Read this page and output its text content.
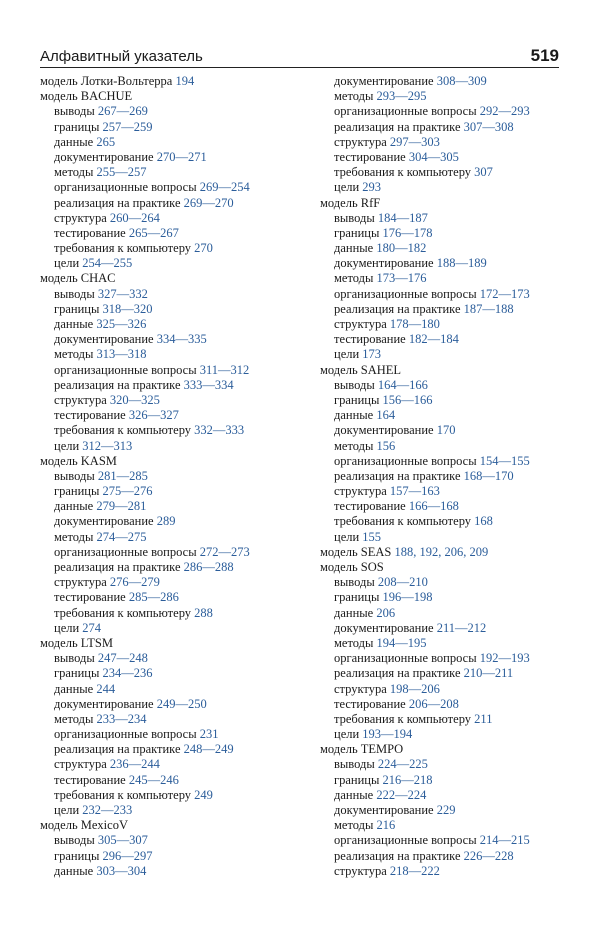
Алфавитный указатель	519
модель Лотки-Вольтерра 194
модель BACHUE
выводы 267—269
границы 257—259
данные 265
документирование 270—271
методы 255—257
организационные вопросы 269—254
реализация на практике 269—270
структура 260—264
тестирование 265—267
требования к компьютеру 270
цели 254—255
модель CHAC
выводы 327—332
границы 318—320
данные 325—326
документирование 334—335
методы 313—318
организационные вопросы 311—312
реализация на практике 333—334
структура 320—325
тестирование 326—327
требования к компьютеру 332—333
цели 312—313
модель KASM
выводы 281—285
границы 275—276
данные 279—281
документирование 289
методы 274—275
организационные вопросы 272—273
реализация на практике 286—288
структура 276—279
тестирование 285—286
требования к компьютеру 288
цели 274
модель LTSM
выводы 247—248
границы 234—236
данные 244
документирование 249—250
методы 233—234
организационные вопросы 231
реализация на практике 248—249
структура 236—244
тестирование 245—246
требования к компьютеру 249
цели 232—233
модель MexicoV
выводы 305—307
границы 296—297
данные 303—304
документирование 308—309
методы 293—295
организационные вопросы 292—293
реализация на практике 307—308
структура 297—303
тестирование 304—305
требования к компьютеру 307
цели 293
модель RfF
выводы 184—187
границы 176—178
данные 180—182
документирование 188—189
методы 173—176
организационные вопросы 172—173
реализация на практике 187—188
структура 178—180
тестирование 182—184
цели 173
модель SAHEL
выводы 164—166
границы 156—166
данные 164
документирование 170
методы 156
организационные вопросы 154—155
реализация на практике 168—170
структура 157—163
тестирование 166—168
требования к компьютеру 168
цели 155
модель SEAS 188, 192, 206, 209
модель SOS
выводы 208—210
границы 196—198
данные 206
документирование 211—212
методы 194—195
организационные вопросы 192—193
реализация на практике 210—211
структура 198—206
тестирование 206—208
требования к компьютеру 211
цели 193—194
модель TEMPO
выводы 224—225
границы 216—218
данные 222—224
документирование 229
методы 216
организационные вопросы 214—215
реализация на практике 226—228
структура 218—222
